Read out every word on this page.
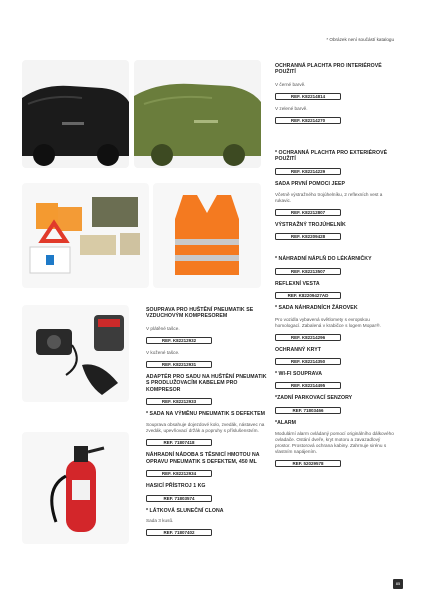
* Obrázek není součástí katalogu
SOUPRAVA PRO HUŠTĚNÍ PNEUMATIK SE VZDUCHOVÝM KOMPRESOREM
V plátěné tašce.
REF. K82212932
V kožené tašce.
REF. K82212931
ADAPTÉR PRO SADU NA HUŠTĚNÍ PNEUMATIK S PRODLUŽOVACÍM KABELEM PRO KOMPRESOR
REF. K82212933
* SADA NA VÝMĚNU PNEUMATIK S DEFEKTEM
Souprava obsahuje dojezdové kolo, zvedák, nástavec na zvedák, upevňovací držák a popruhy s příslušenstvím.
REF. 71807418
NÁHRADNÍ NÁDOBA S TĚSNICÍ HMOTOU NA OPRAVU PNEUMATIK S DEFEKTEM, 450 ML
REF. K82212934
HASICÍ PŘÍSTROJ 1 KG
REF. 71803574
* LÁTKOVÁ SLUNEČNÍ CLONA
Sada 3 kusů.
REF. 71807402
OCHRANNÁ PLACHTA PRO INTERIÉROVÉ POUŽITÍ
V černé barvě.
REF. K82214814
V zelené barvě.
REF. K82214270
* OCHRANNÁ PLACHTA PRO EXTERIÉROVÉ POUŽITÍ
REF. K82214229
SADA PRVNÍ POMOCI JEEP
Včetně výstražného trojúhelníku, 2 reflexních vest a rukavic.
REF. K82212807
VÝSTRAŽNÝ TROJÚHELNÍK
REF. K82209428
* NÁHRADNÍ NÁPLŇ DO LÉKÁRNIČKY
REF. K82213507
REFLEXNÍ VESTA
REF. K82209427AD
* SADA NÁHRADNÍCH ŽÁROVEK
Pro vozidla vybavená světlomety s evropskou homologací. Zabalená v krabičce s logem Mopar®.
REF. K82214296
OCHRANNÝ KRYT
REF. K82214350
* WI-FI SOUPRAVA
REF. K82214495
*ZADNÍ PARKOVACÍ SENZORY
REF. 71803466
*ALARM
Modulární alarm ovládaný pomocí originálního dálkového ovladače. Ostání dveře, kryt motoru a zavazadlový prostor. Prostorová ochrana kabiny. Zahrnuje sirénu s vlastním napájením.
REF. 52029578
85
